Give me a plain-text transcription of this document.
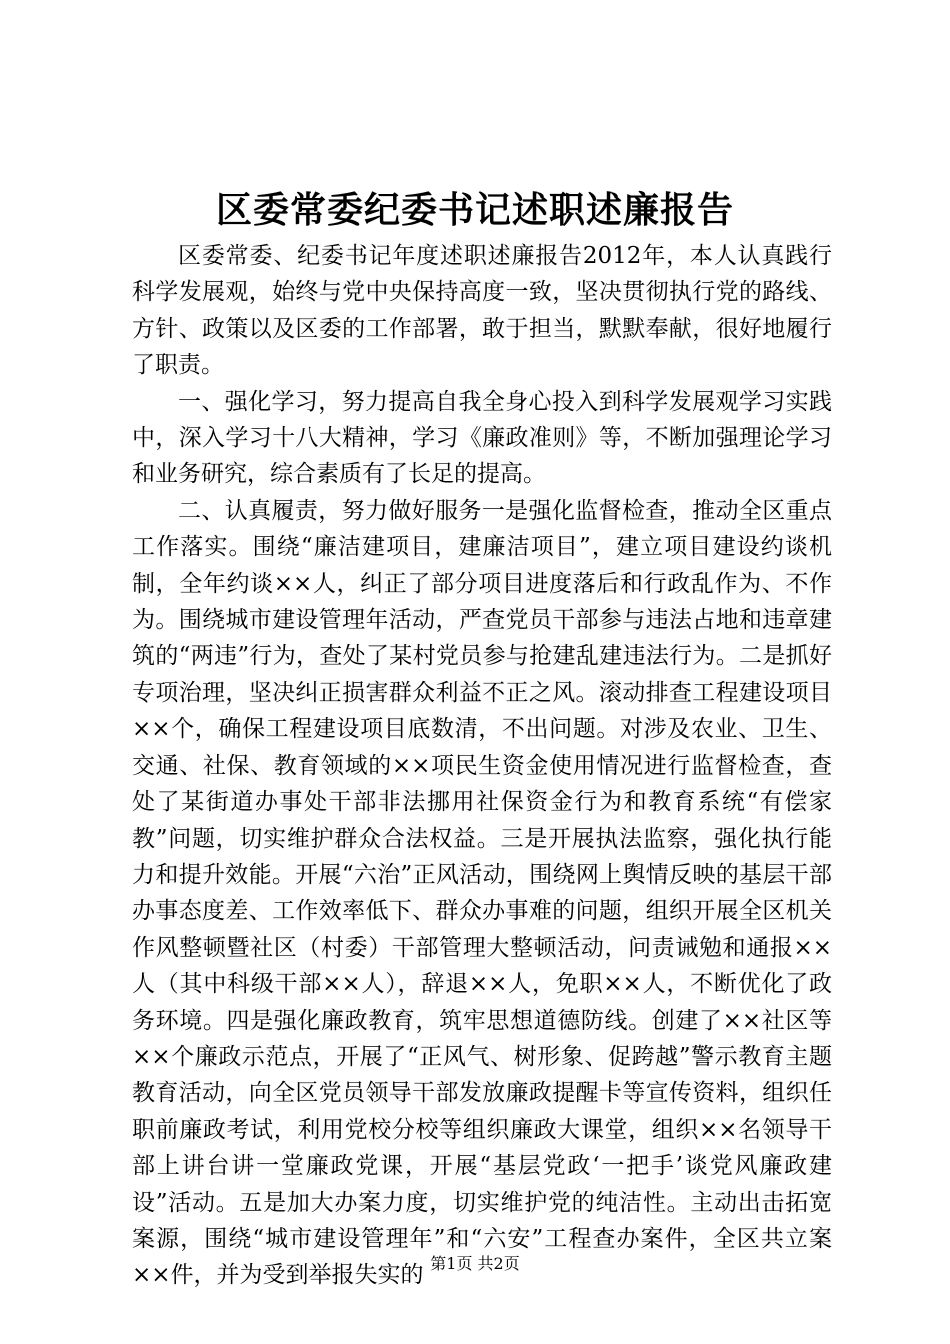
区委常委纪委书记述职述廉报告

区委常委、纪委书记年度述职述廉报告2012年，本人认真践行科学发展观，始终与党中央保持高度一致，坚决贯彻执行党的路线、方针、政策以及区委的工作部署，敢于担当，默默奉献，很好地履行了职责。

一、强化学习，努力提高自我全身心投入到科学发展观学习实践中，深入学习十八大精神，学习《廉政准则》等，不断加强理论学习和业务研究，综合素质有了长足的提高。

二、认真履责，努力做好服务一是强化监督检查，推动全区重点工作落实。围绕“廉洁建项目，建廉洁项目”，建立项目建设约谈机制，全年约谈××人，纠正了部分项目进度落后和行政乱作为、不作为。围绕城市建设管理年活动，严查党员干部参与违法占地和违章建筑的“两违”行为，查处了某村党员参与抢建乱建违法行为。二是抓好专项治理，坚决纠正损害群众利益不正之风。滚动排查工程建设项目××个，确保工程建设项目底数清，不出问题。对涉及农业、卫生、交通、社保、教育领域的××项民生资金使用情况进行监督检查，查处了某街道办事处干部非法挪用社保资金行为和教育系统“有偿家教”问题，切实维护群众合法权益。三是开展执法监察，强化执行能力和提升效能。开展“六治”正风活动，围绕网上舆情反映的基层干部办事态度差、工作效率低下、群众办事难的问题，组织开展全区机关作风整顿暨社区（村委）干部管理大整顿活动，问责诫勉和通报××人（其中科级干部××人），辞退××人，免职××人，不断优化了政务环境。四是强化廉政教育，筑牢思想道德防线。创建了××社区等××个廉政示范点，开展了“正风气、树形象、促跨越”警示教育主题教育活动，向全区党员领导干部发放廉政提醒卡等宣传资料，组织任职前廉政考试，利用党校分校等组织廉政大课堂，组织××名领导干部上讲台讲一堂廉政党课，开展“基层党政‘一把手’谈党风廉政建设”活动。五是加大办案力度，切实维护党的纯洁性。主动出击拓宽案源，围绕“城市建设管理年”和“六安”工程查办案件，全区共立案××件，并为受到举报失实的 第1页 共2页
